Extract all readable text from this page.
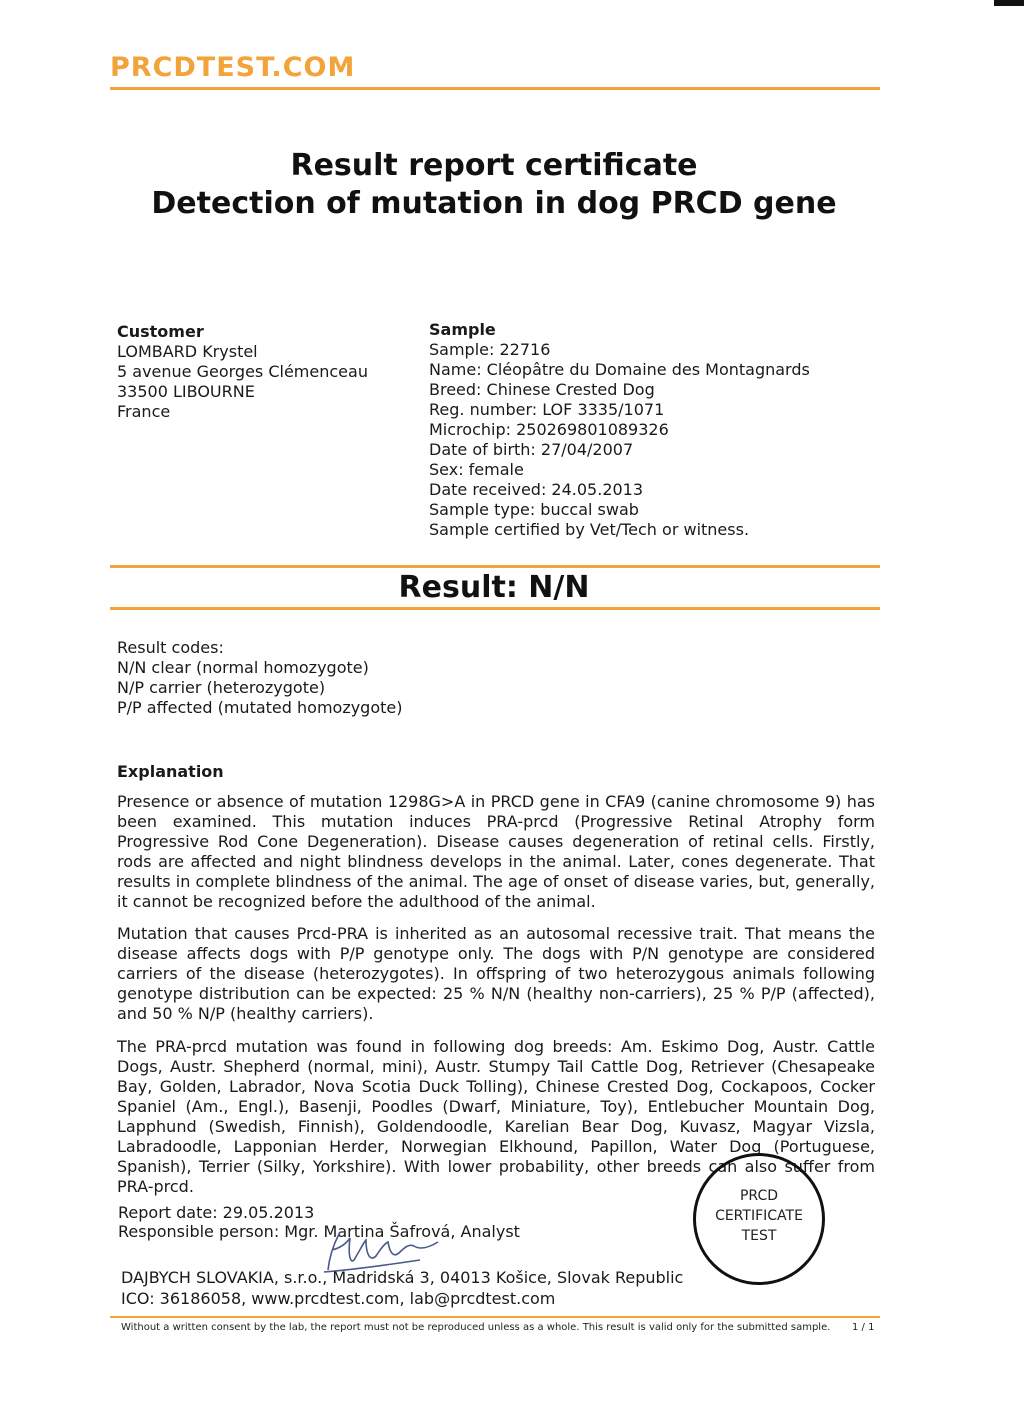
PRCDTEST.COM
Result report certificate
Detection of mutation in dog PRCD gene
Customer
LOMBARD Krystel
5 avenue Georges Clémenceau
33500 LIBOURNE
France
Sample
Sample: 22716
Name: Cléopâtre du Domaine des Montagnards
Breed: Chinese Crested Dog
Reg. number: LOF 3335/1071
Microchip: 250269801089326
Date of birth: 27/04/2007
Sex: female
Date received: 24.05.2013
Sample type: buccal swab
Sample certified by Vet/Tech or witness.
Result: N/N
Result codes:
N/N clear (normal homozygote)
N/P carrier (heterozygote)
P/P affected (mutated homozygote)
Explanation
Presence or absence of mutation 1298G>A in PRCD gene in CFA9 (canine chromosome 9) has been examined. This mutation induces PRA-prcd (Progressive Retinal Atrophy form Progressive Rod Cone Degeneration). Disease causes degeneration of retinal cells. Firstly, rods are affected and night blindness develops in the animal. Later, cones degenerate. That results in complete blindness of the animal. The age of onset of disease varies, but, generally, it cannot be recognized before the adulthood of the animal.
Mutation that causes Prcd-PRA is inherited as an autosomal recessive trait. That means the disease affects dogs with P/P genotype only. The dogs with P/N genotype are considered carriers of the disease (heterozygotes). In offspring of two heterozygous animals following genotype distribution can be expected: 25 % N/N (healthy non-carriers), 25 % P/P (affected), and 50 % N/P (healthy carriers).
The PRA-prcd mutation was found in following dog breeds: Am. Eskimo Dog, Austr. Cattle Dogs, Austr. Shepherd (normal, mini), Austr. Stumpy Tail Cattle Dog, Retriever (Chesapeake Bay, Golden, Labrador, Nova Scotia Duck Tolling), Chinese Crested Dog, Cockapoos, Cocker Spaniel (Am., Engl.), Basenji, Poodles (Dwarf, Miniature, Toy), Entlebucher Mountain Dog, Lapphund (Swedish, Finnish), Goldendoodle, Karelian Bear Dog, Kuvasz, Magyar Vizsla, Labradoodle, Lapponian Herder, Norwegian Elkhound, Papillon, Water Dog (Portuguese, Spanish), Terrier (Silky, Yorkshire). With lower probability, other breeds can also suffer from PRA-prcd.
Report date: 29.05.2013
Responsible person: Mgr. Martina Šafrová, Analyst
DAJBYCH SLOVAKIA, s.r.o., Madridská 3, 04013 Košice, Slovak Republic
ICO: 36186058, www.prcdtest.com, lab@prcdtest.com
PRCD
CERTIFICATE
TEST
Without a written consent by the lab, the report must not be reproduced unless as a whole. This result is valid only for the submitted sample. 1 / 1
